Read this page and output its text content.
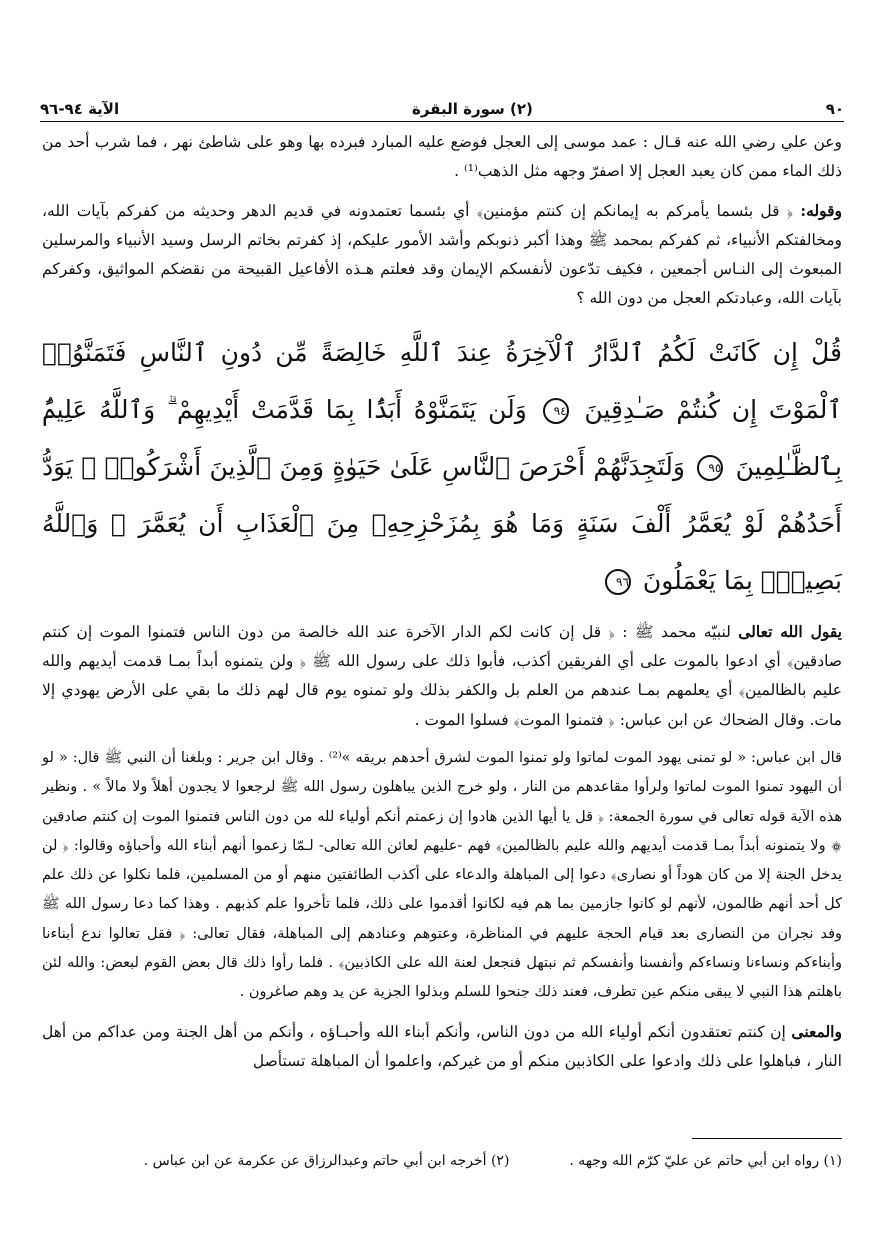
٩٠
(٢) سورة البقرة
الآية ٩٤-٩٦

وعن علي رضي الله عنه قـال : عمد موسى إلى العجل فوضع عليه المبارد فبرده بها وهو على شاطئ نهر ، فما شرب أحد من ذلك الماء ممن كان يعبد العجل إلا اصفرّ وجهه مثل الذهب⁽¹⁾ .

وقوله: ﴿ قل بئسما يأمركم به إيمانكم إن كنتم مؤمنين﴾ أي بئسما تعتمدونه في قديم الدهر وحديثه من كفركم بآيات الله، ومخالفتكم الأنبياء، ثم كفركم بمحمد ﷺ وهذا أكبر ذنوبكم وأشد الأمور عليكم، إذ كفرتم بخاتم الرسل وسيد الأنبياء والمرسلين المبعوث إلى النـاس أجمعين ، فكيف تدّعون لأنفسكم الإيمان وقد فعلتم هـذه الأفاعيل القبيحة من نقضكم المواثيق، وكفركم بآيات الله، وعبادتكم العجل من دون الله ؟

قُلْ إِن كَانَتْ لَكُمُ ٱلدَّارُ ٱلْآخِرَةُ عِندَ ٱللَّهِ خَالِصَةً مِّن دُونِ ٱلنَّاسِ فَتَمَنَّوُا۟ ٱلْمَوْتَ إِن كُنتُمْ صَـٰدِقِينَ ٩٤ وَلَن يَتَمَنَّوْهُ أَبَدًۢا بِمَا قَدَّمَتْ أَيْدِيهِمْ ۗ وَٱللَّهُ عَلِيمٌۢ بِٱلظَّـٰلِمِينَ ٩٥ وَلَتَجِدَنَّهُمْ أَحْرَصَ ٱلنَّاسِ عَلَىٰ حَيَوٰةٍ وَمِنَ ٱلَّذِينَ أَشْرَكُوا۟ ۚ يَوَدُّ أَحَدُهُمْ لَوْ يُعَمَّرُ أَلْفَ سَنَةٍ وَمَا هُوَ بِمُزَحْزِحِهِۦ مِنَ ٱلْعَذَابِ أَن يُعَمَّرَ ۗ وَٱللَّهُ بَصِيرٌۢ بِمَا يَعْمَلُونَ ٩٦

يقول الله تعالى لنبيّه محمد ﷺ : ﴿ قل إن كانت لكم الدار الآخرة عند الله خالصة من دون الناس فتمنوا الموت إن كنتم صادقين﴾ أي ادعوا بالموت على أي الفريقين أكذب، فأبوا ذلك على رسول الله ﷺ ﴿ ولن يتمنوه أبداً بمـا قدمت أيديهم والله عليم بالظالمين﴾ أي يعلمهم بمـا عندهم من العلم بل والكفر بذلك ولو تمنوه يوم قال لهم ذلك ما بقي على الأرض يهودي إلا مات. وقال الضحاك عن ابن عباس: ﴿ فتمنوا الموت﴾ فسلوا الموت .

قال ابن عباس: « لو تمنى يهود الموت لماتوا ولو تمنوا الموت لشرق أحدهم بريقه »⁽²⁾ . وقال ابن جرير : وبلغنا أن النبي ﷺ قال: « لو أن اليهود تمنوا الموت لماتوا ولرأوا مقاعدهم من النار ، ولو خرج الذين يباهلون رسول الله ﷺ لرجعوا لا يجدون أهلاً ولا مالاً » . ونظير هذه الآية قوله تعالى في سورة الجمعة: ﴿ قل يا أيها الذين هادوا إن زعمتم أنكم أولياء لله من دون الناس فتمنوا الموت إن كنتم صادقين ۞ ولا يتمنونه أبداً بمـا قدمت أيديهم والله عليم بالظالمين﴾ فهم -عليهم لعائن الله تعالى- لـمّا زعموا أنهم أبناء الله وأحباؤه وقالوا: ﴿ لن يدخل الجنة إلا من كان هوداً أو نصارى﴾ دعوا إلى المباهلة والدعاء على أكذب الطائفتين منهم أو من المسلمين، فلما نكلوا عن ذلك علم كل أحد أنهم ظالمون، لأنهم لو كانوا جازمين بما هم فيه لكانوا أقدموا على ذلك، فلما تأخروا علم كذبهم . وهذا كما دعا رسول الله ﷺ وفد نجران من النصارى بعد قيام الحجة عليهم في المناظرة، وعتوهم وعنادهم إلى المباهلة، فقال تعالى: ﴿ فقل تعالوا ندع أبناءنا وأبناءكم ونساءنا ونساءكم وأنفسنا وأنفسكم ثم نبتهل فنجعل لعنة الله على الكاذبين﴾ . فلما رأوا ذلك قال بعض القوم لبعض: والله لئن باهلتم هذا النبي لا يبقى منكم عين تطرف، فعند ذلك جنحوا للسلم وبذلوا الجزية عن يد وهم صاغرون .

والمعنى إن كنتم تعتقدون أنكم أولياء الله من دون الناس، وأنكم أبناء الله وأحبـاؤه ، وأنكم من أهل الجنة ومن عداكم من أهل النار ، فباهلوا على ذلك وادعوا على الكاذبين منكم أو من غيركم، واعلموا أن المباهلة تستأصل

(١) رواه ابن أبي حاتم عن عليّ كرّم الله وجهه .
(٢) أخرجه ابن أبي حاتم وعبدالرزاق عن عكرمة عن ابن عباس .
